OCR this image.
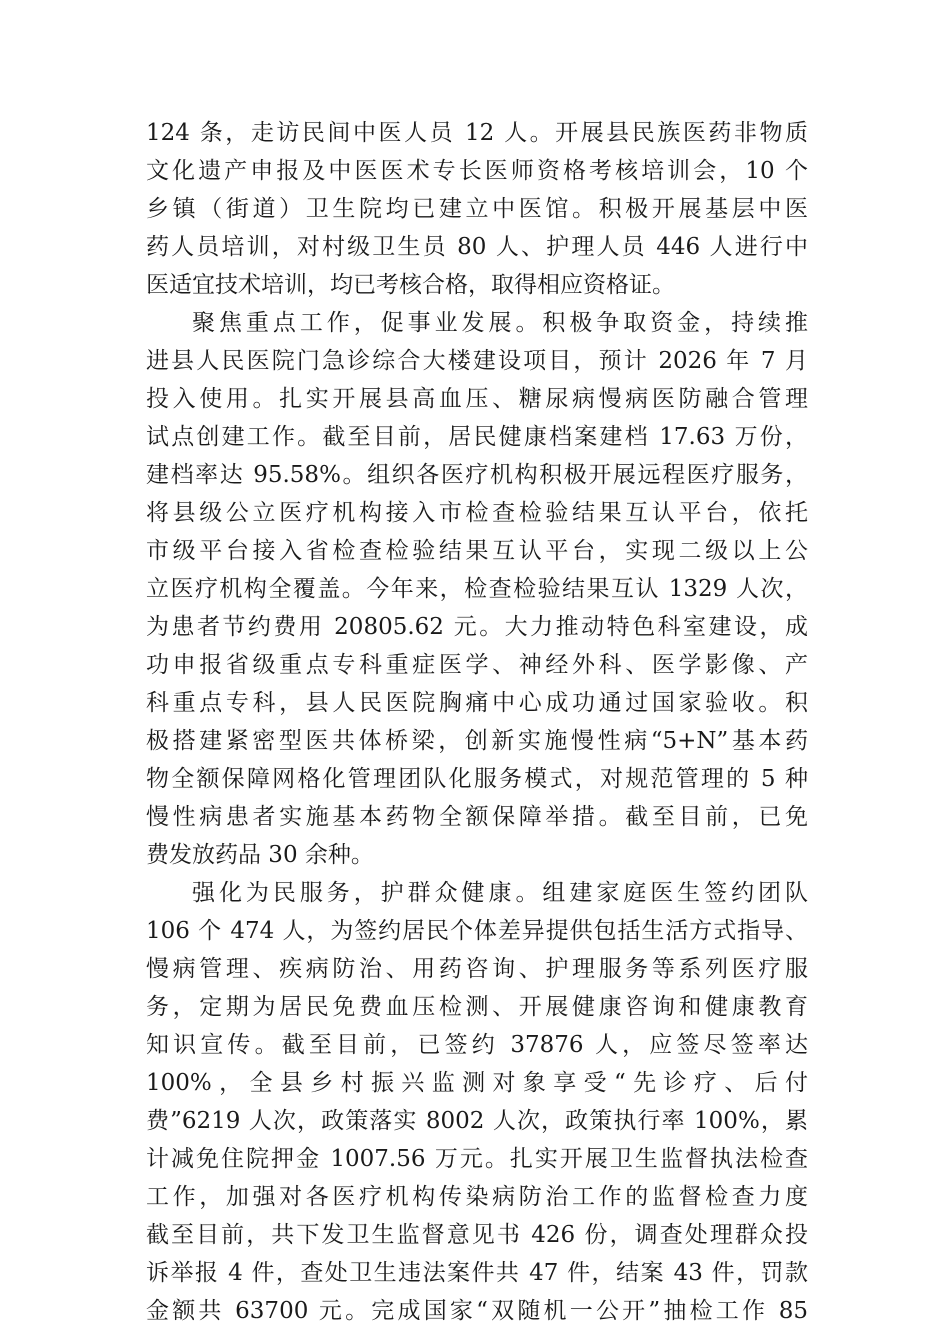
124 条，走访民间中医人员 12 人。开展县民族医药非物质
文化遗产申报及中医医术专长医师资格考核培训会，10 个
乡镇（街道）卫生院均已建立中医馆。积极开展基层中医
药人员培训，对村级卫生员 80 人、护理人员 446 人进行中
医适宜技术培训，均已考核合格，取得相应资格证。
聚焦重点工作，促事业发展。积极争取资金，持续推
进县人民医院门急诊综合大楼建设项目，预计 2026 年 7 月
投入使用。扎实开展县高血压、糖尿病慢病医防融合管理
试点创建工作。截至目前，居民健康档案建档 17.63 万份，
建档率达 95.58%。组织各医疗机构积极开展远程医疗服务，
将县级公立医疗机构接入市检查检验结果互认平台，依托
市级平台接入省检查检验结果互认平台，实现二级以上公
立医疗机构全覆盖。今年来，检查检验结果互认 1329 人次，
为患者节约费用 20805.62 元。大力推动特色科室建设，成
功申报省级重点专科重症医学、神经外科、医学影像、产
科重点专科，县人民医院胸痛中心成功通过国家验收。积
极搭建紧密型医共体桥梁，创新实施慢性病“5+N”基本药
物全额保障网格化管理团队化服务模式，对规范管理的 5 种
慢性病患者实施基本药物全额保障举措。截至目前，已免
费发放药品 30 余种。
强化为民服务，护群众健康。组建家庭医生签约团队
106 个 474 人，为签约居民个体差异提供包括生活方式指导、
慢病管理、疾病防治、用药咨询、护理服务等系列医疗服
务，定期为居民免费血压检测、开展健康咨询和健康教育
知识宣传。截至目前，已签约 37876 人，应签尽签率达
100%，全县乡村振兴监测对象享受“先诊疗、后付
费”6219 人次，政策落实 8002 人次，政策执行率 100%，累
计减免住院押金 1007.56 万元。扎实开展卫生监督执法检查
工作，加强对各医疗机构传染病防治工作的监督检查力度
截至目前，共下发卫生监督意见书 426 份，调查处理群众投
诉举报 4 件，查处卫生违法案件共 47 件，结案 43 件，罚款
金额共 63700 元。完成国家“双随机一公开”抽检工作 85
